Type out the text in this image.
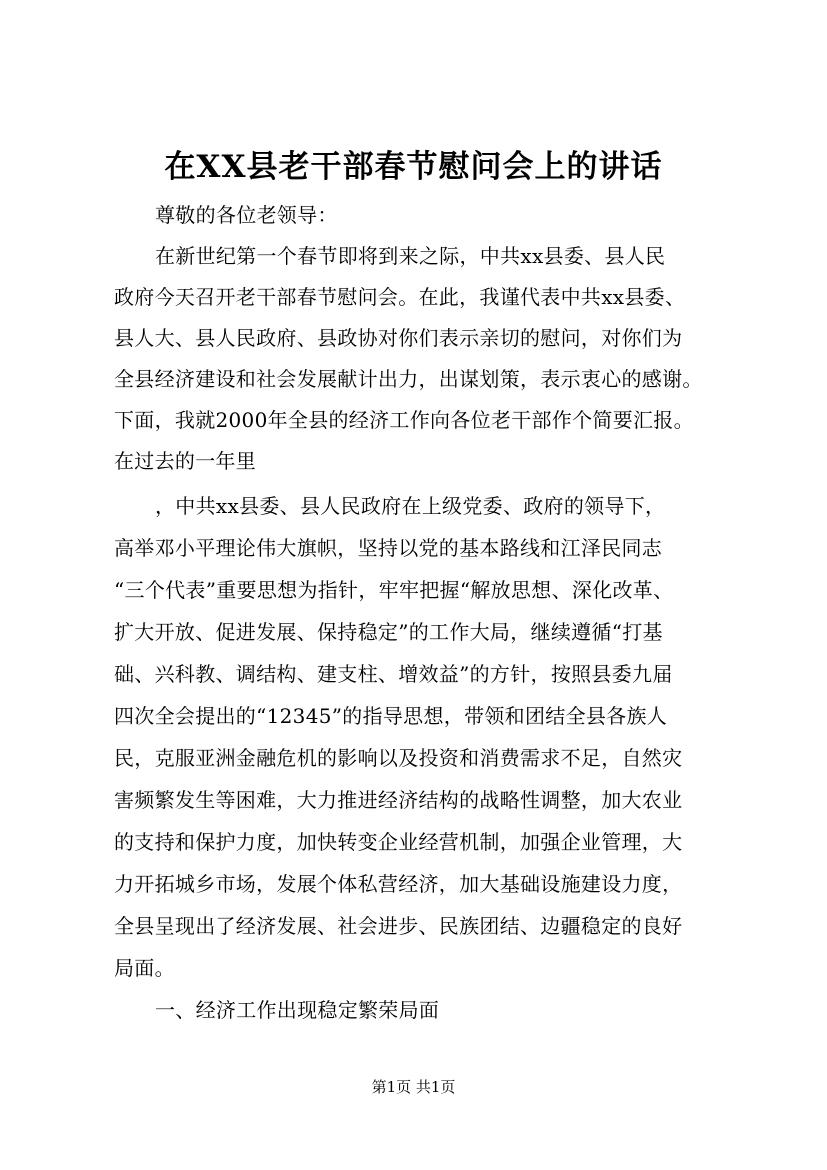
在XX县老干部春节慰问会上的讲话
尊敬的各位老领导：
在新世纪第一个春节即将到来之际，中共xx县委、县人民
政府今天召开老干部春节慰问会。在此，我谨代表中共xx县委、
县人大、县人民政府、县政协对你们表示亲切的慰问，对你们为
全县经济建设和社会发展献计出力，出谋划策，表示衷心的感谢。
下面，我就2000年全县的经济工作向各位老干部作个简要汇报。
在过去的一年里
，中共xx县委、县人民政府在上级党委、政府的领导下，
高举邓小平理论伟大旗帜，坚持以党的基本路线和江泽民同志
“三个代表”重要思想为指针，牢牢把握“解放思想、深化改革、
扩大开放、促进发展、保持稳定”的工作大局，继续遵循“打基
础、兴科教、调结构、建支柱、增效益”的方针，按照县委九届
四次全会提出的“12345”的指导思想，带领和团结全县各族人
民，克服亚洲金融危机的影响以及投资和消费需求不足，自然灾
害频繁发生等困难，大力推进经济结构的战略性调整，加大农业
的支持和保护力度，加快转变企业经营机制，加强企业管理，大
力开拓城乡市场，发展个体私营经济，加大基础设施建设力度，
全县呈现出了经济发展、社会进步、民族团结、边疆稳定的良好
局面。
一、经济工作出现稳定繁荣局面
第1页 共1页
